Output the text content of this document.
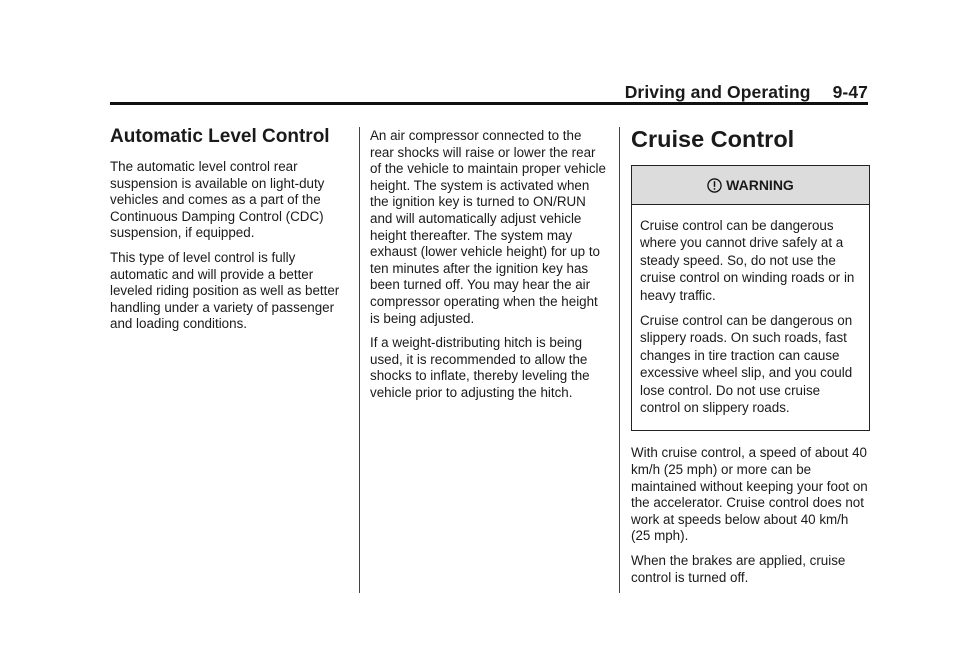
Driving and Operating 9-47
Automatic Level Control

The automatic level control rear suspension is available on light-duty vehicles and comes as a part of the Continuous Damping Control (CDC) suspension, if equipped.

This type of level control is fully automatic and will provide a better leveled riding position as well as better handling under a variety of passenger and loading conditions.

An air compressor connected to the rear shocks will raise or lower the rear of the vehicle to maintain proper vehicle height. The system is activated when the ignition key is turned to ON/RUN and will automatically adjust vehicle height thereafter. The system may exhaust (lower vehicle height) for up to ten minutes after the ignition key has been turned off. You may hear the air compressor operating when the height is being adjusted.

If a weight-distributing hitch is being used, it is recommended to allow the shocks to inflate, thereby leveling the vehicle prior to adjusting the hitch.

Cruise Control
WARNING

Cruise control can be dangerous where you cannot drive safely at a steady speed. So, do not use the cruise control on winding roads or in heavy traffic.

Cruise control can be dangerous on slippery roads. On such roads, fast changes in tire traction can cause excessive wheel slip, and you could lose control. Do not use cruise control on slippery roads.

With cruise control, a speed of about 40 km/h (25 mph) or more can be maintained without keeping your foot on the accelerator. Cruise control does not work at speeds below about 40 km/h (25 mph).

When the brakes are applied, cruise control is turned off.
